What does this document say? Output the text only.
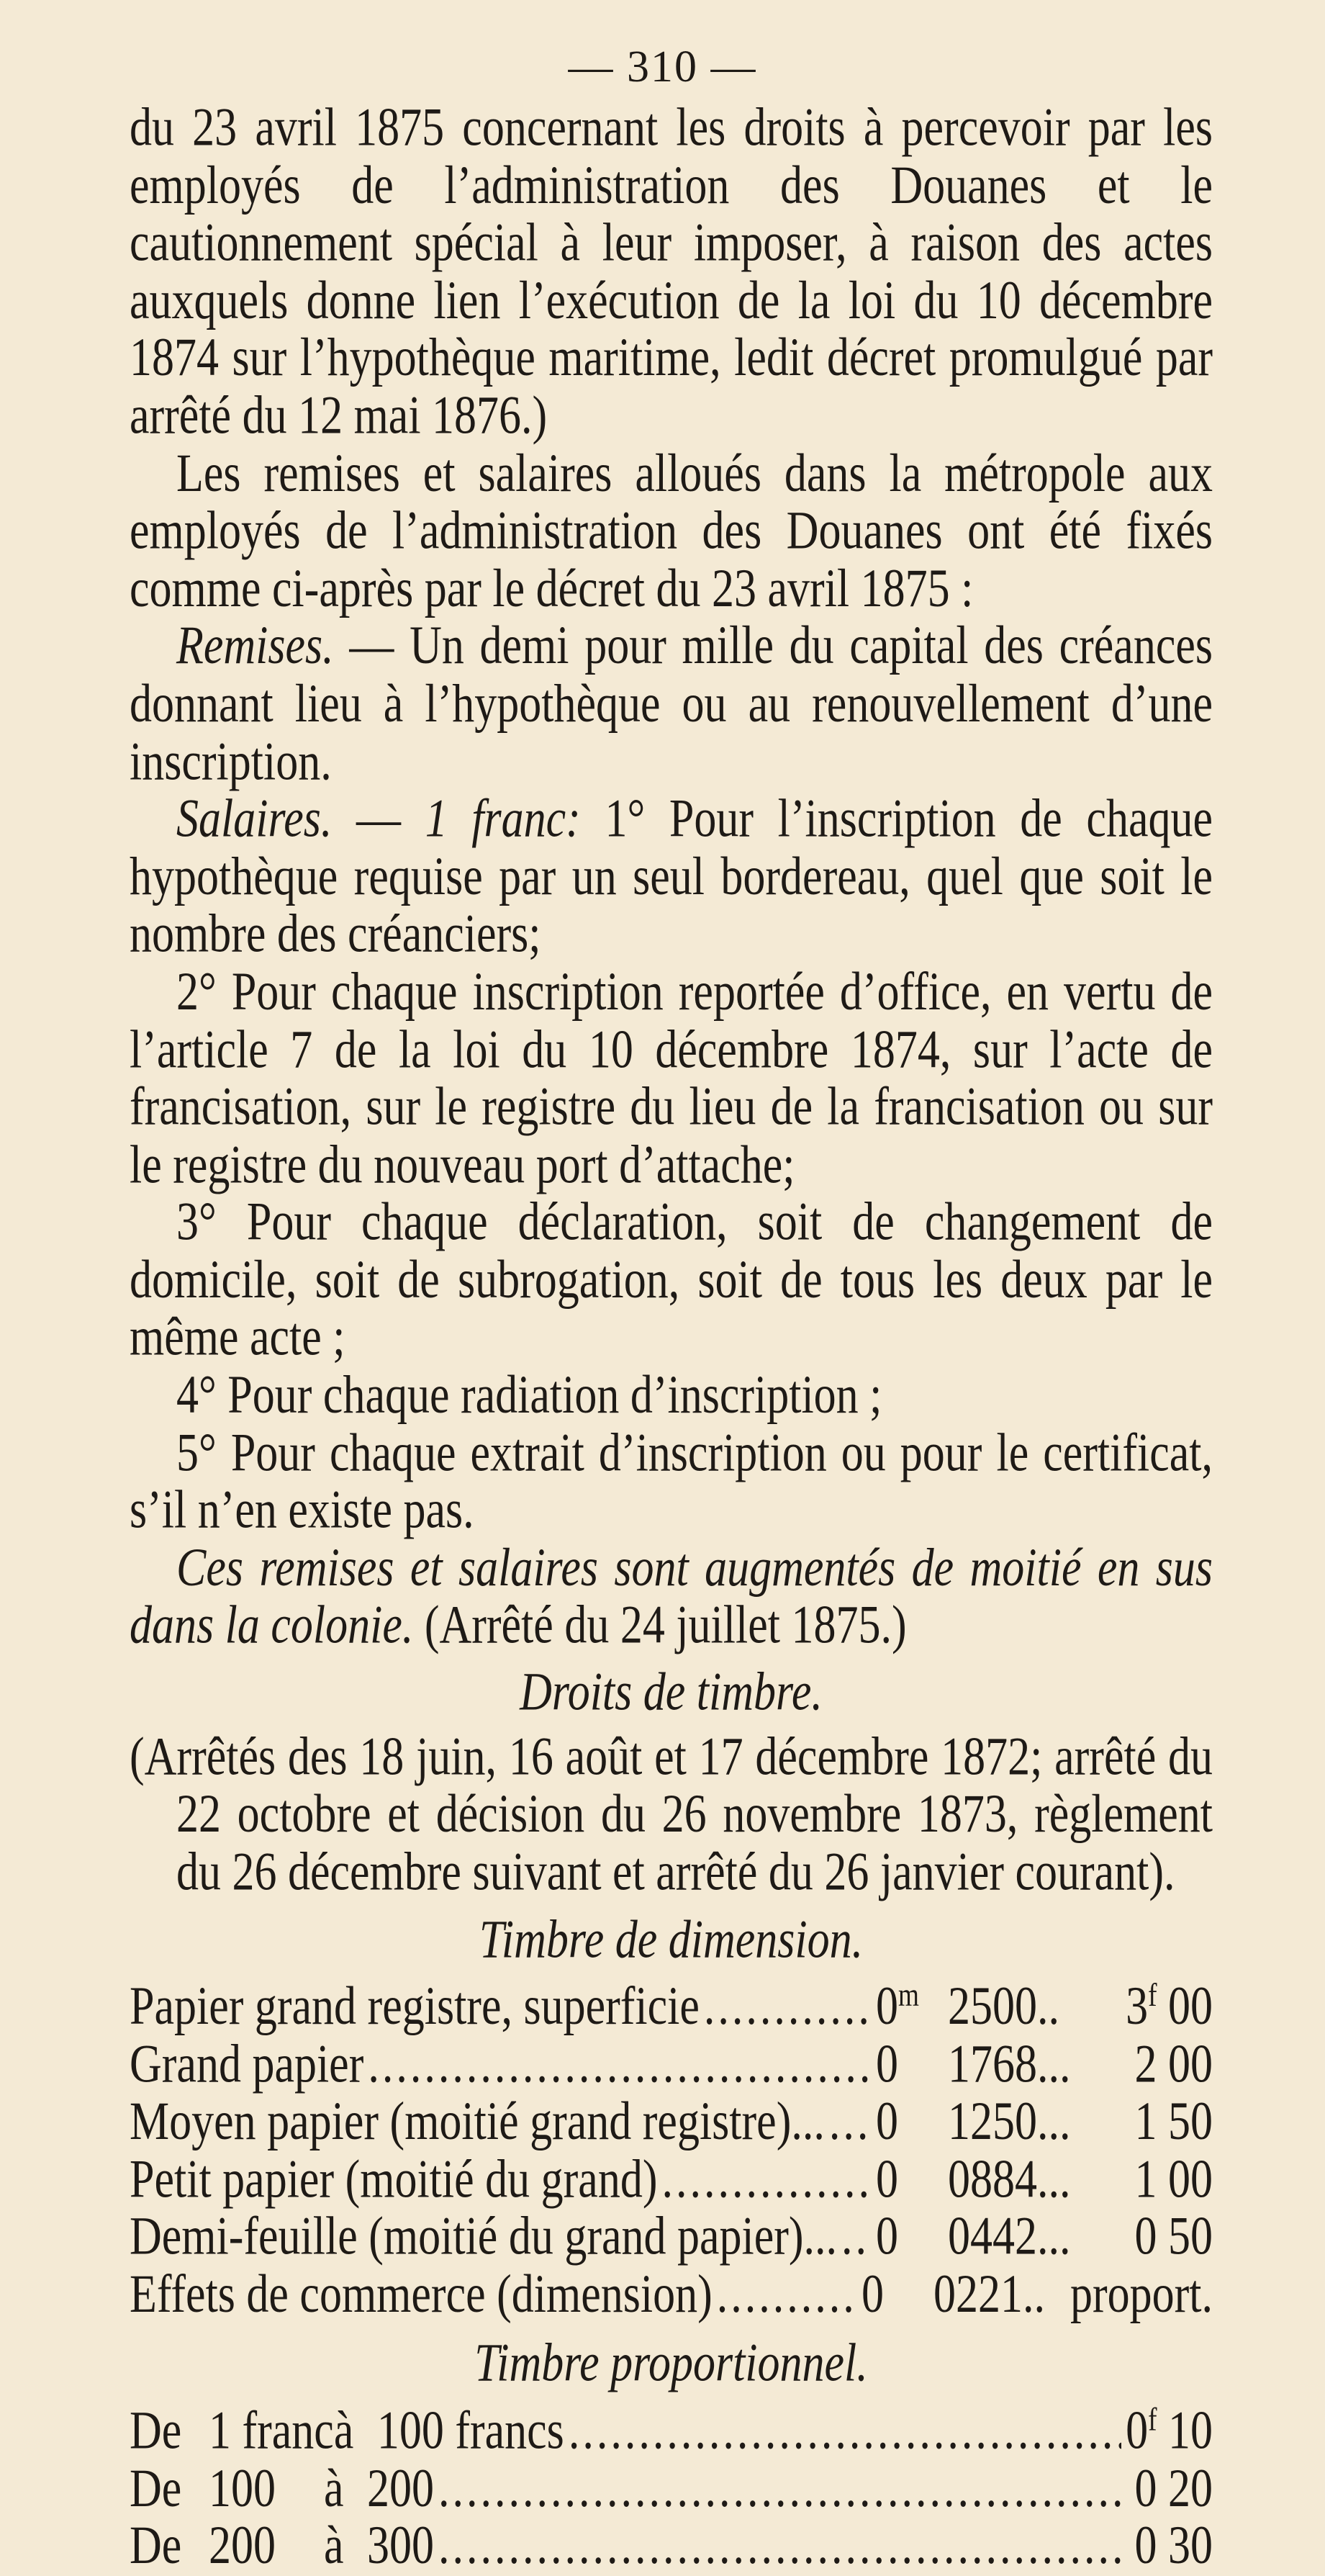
— 310 —

du 23 avril 1875 concernant les droits à percevoir par les employés de l’administration des Douanes et le cautionnement spécial à leur imposer, à raison des actes auxquels donne lien l’exécution de la loi du 10 décembre 1874 sur l’hypothèque maritime, ledit décret promulgué par arrêté du 12 mai 1876.)

Les remises et salaires alloués dans la métropole aux employés de l’administration des Douanes ont été fixés comme ci-après par le décret du 23 avril 1875 :

Remises. — Un demi pour mille du capital des créances donnant lieu à l’hypothèque ou au renouvellement d’une inscription.

Salaires. — 1 franc: 1° Pour l’inscription de chaque hypothèque requise par un seul bordereau, quel que soit le nombre des créanciers;

2° Pour chaque inscription reportée d’office, en vertu de l’article 7 de la loi du 10 décembre 1874, sur l’acte de francisation, sur le registre du lieu de la francisation ou sur le registre du nouveau port d’attache;

3° Pour chaque déclaration, soit de changement de domicile, soit de subrogation, soit de tous les deux par le même acte ;

4° Pour chaque radiation d’inscription ;

5° Pour chaque extrait d’inscription ou pour le certificat, s’il n’en existe pas.

Ces remises et salaires sont augmentés de moitié en sus dans la colonie. (Arrêté du 24 juillet 1875.)

Droits de timbre.

(Arrêtés des 18 juin, 16 août et 17 décembre 1872; arrêté du 22 octobre et décision du 26 novembre 1873, règlement du 26 décembre suivant et arrêté du 26 janvier courant).

Timbre de dimension.

Papier grand registre, superficie .....	0$^m$ 2500..	3$^f$ 00
Grand papier .....	0	1768...	2 00
Moyen papier (moitié grand registre)... ..... 0	1250...	1 50
Petit papier (moitié du grand) .....	0	0884...	1 00
Demi-feuille (moitié du grand papier)... ..... 0	0442...	0 50
Effets de commerce (dimension) .....	0	0221.. proport.

Timbre proportionnel.

De 1 franc à 100 francs .....	0$^f$ 10
De 100	à 200 .....	0 20
De 200	à 300 .....	0 30
